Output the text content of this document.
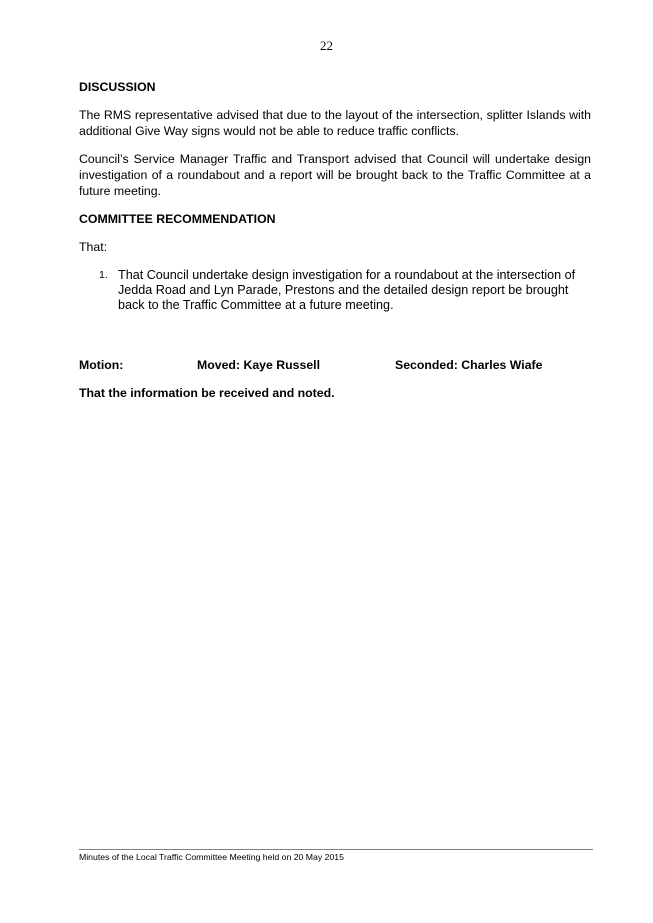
22

DISCUSSION

The RMS representative advised that due to the layout of the intersection, splitter Islands with additional Give Way signs would not be able to reduce traffic conflicts.

Council’s Service Manager Traffic and Transport advised that Council will undertake design investigation of a roundabout and a report will be brought back to the Traffic Committee at a future meeting.

COMMITTEE RECOMMENDATION

That:

1. That Council undertake design investigation for a roundabout at the intersection of Jedda Road and Lyn Parade, Prestons and the detailed design report be brought back to the Traffic Committee at a future meeting.
Motion:	Moved: Kaye Russell	Seconded: Charles Wiafe

That the information be received and noted.

Minutes of the Local Traffic Committee Meeting held on 20 May 2015
